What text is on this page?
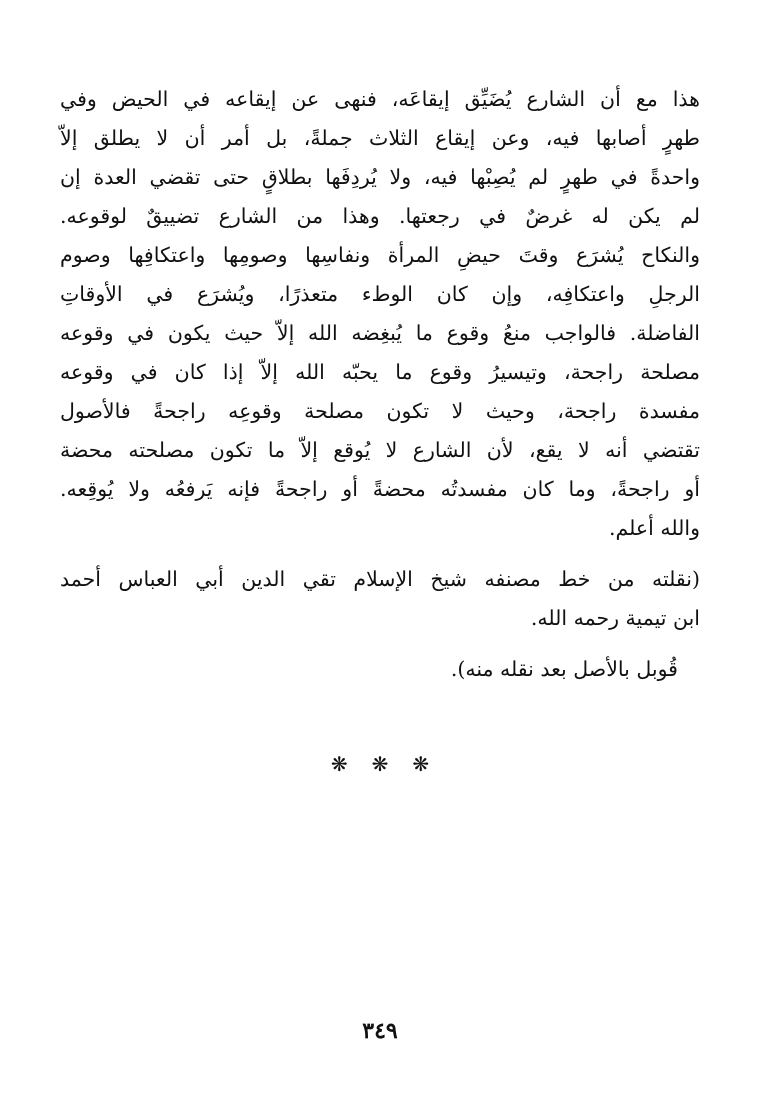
هذا مع أن الشارع يُضَيِّق إيقاعَه، فنهى عن إيقاعه في الحيض وفي
طهرٍ أصابها فيه، وعن إيقاع الثلاث جملةً، بل أمر أن لا يطلق إلاّ
واحدةً في طهرٍ لم يُصِبْها فيه، ولا يُردِفَها بطلاقٍ حتى تقضي العدة إن
لم يكن له غرضٌ في رجعتها. وهذا من الشارع تضييقٌ لوقوعه.
والنكاح يُشرَع وقتَ حيضِ المرأة ونفاسِها وصومِها واعتكافِها وصوم
الرجلِ واعتكافِه، وإن كان الوطء متعذرًا، ويُشرَع في الأوقاتِ
الفاضلة. فالواجب منعُ وقوع ما يُبغِضه الله إلاّ حيث يكون في وقوعه
مصلحة راجحة، وتيسيرُ وقوع ما يحبّه الله إلاّ إذا كان في وقوعه
مفسدة راجحة، وحيث لا تكون مصلحة وقوعِه راجحةً فالأصول
تقتضي أنه لا يقع، لأن الشارع لا يُوقع إلاّ ما تكون مصلحته محضة
أو راجحةً، وما كان مفسدتُه محضةً أو راجحةً فإنه يَرفعُه ولا يُوقِعه.
والله أعلم.
(نقلته من خط مصنفه شيخ الإسلام تقي الدين أبي العباس أحمد
ابن تيمية رحمه الله.
قُوبل بالأصل بعد نقله منه).
❋❋❋
٣٤٩
